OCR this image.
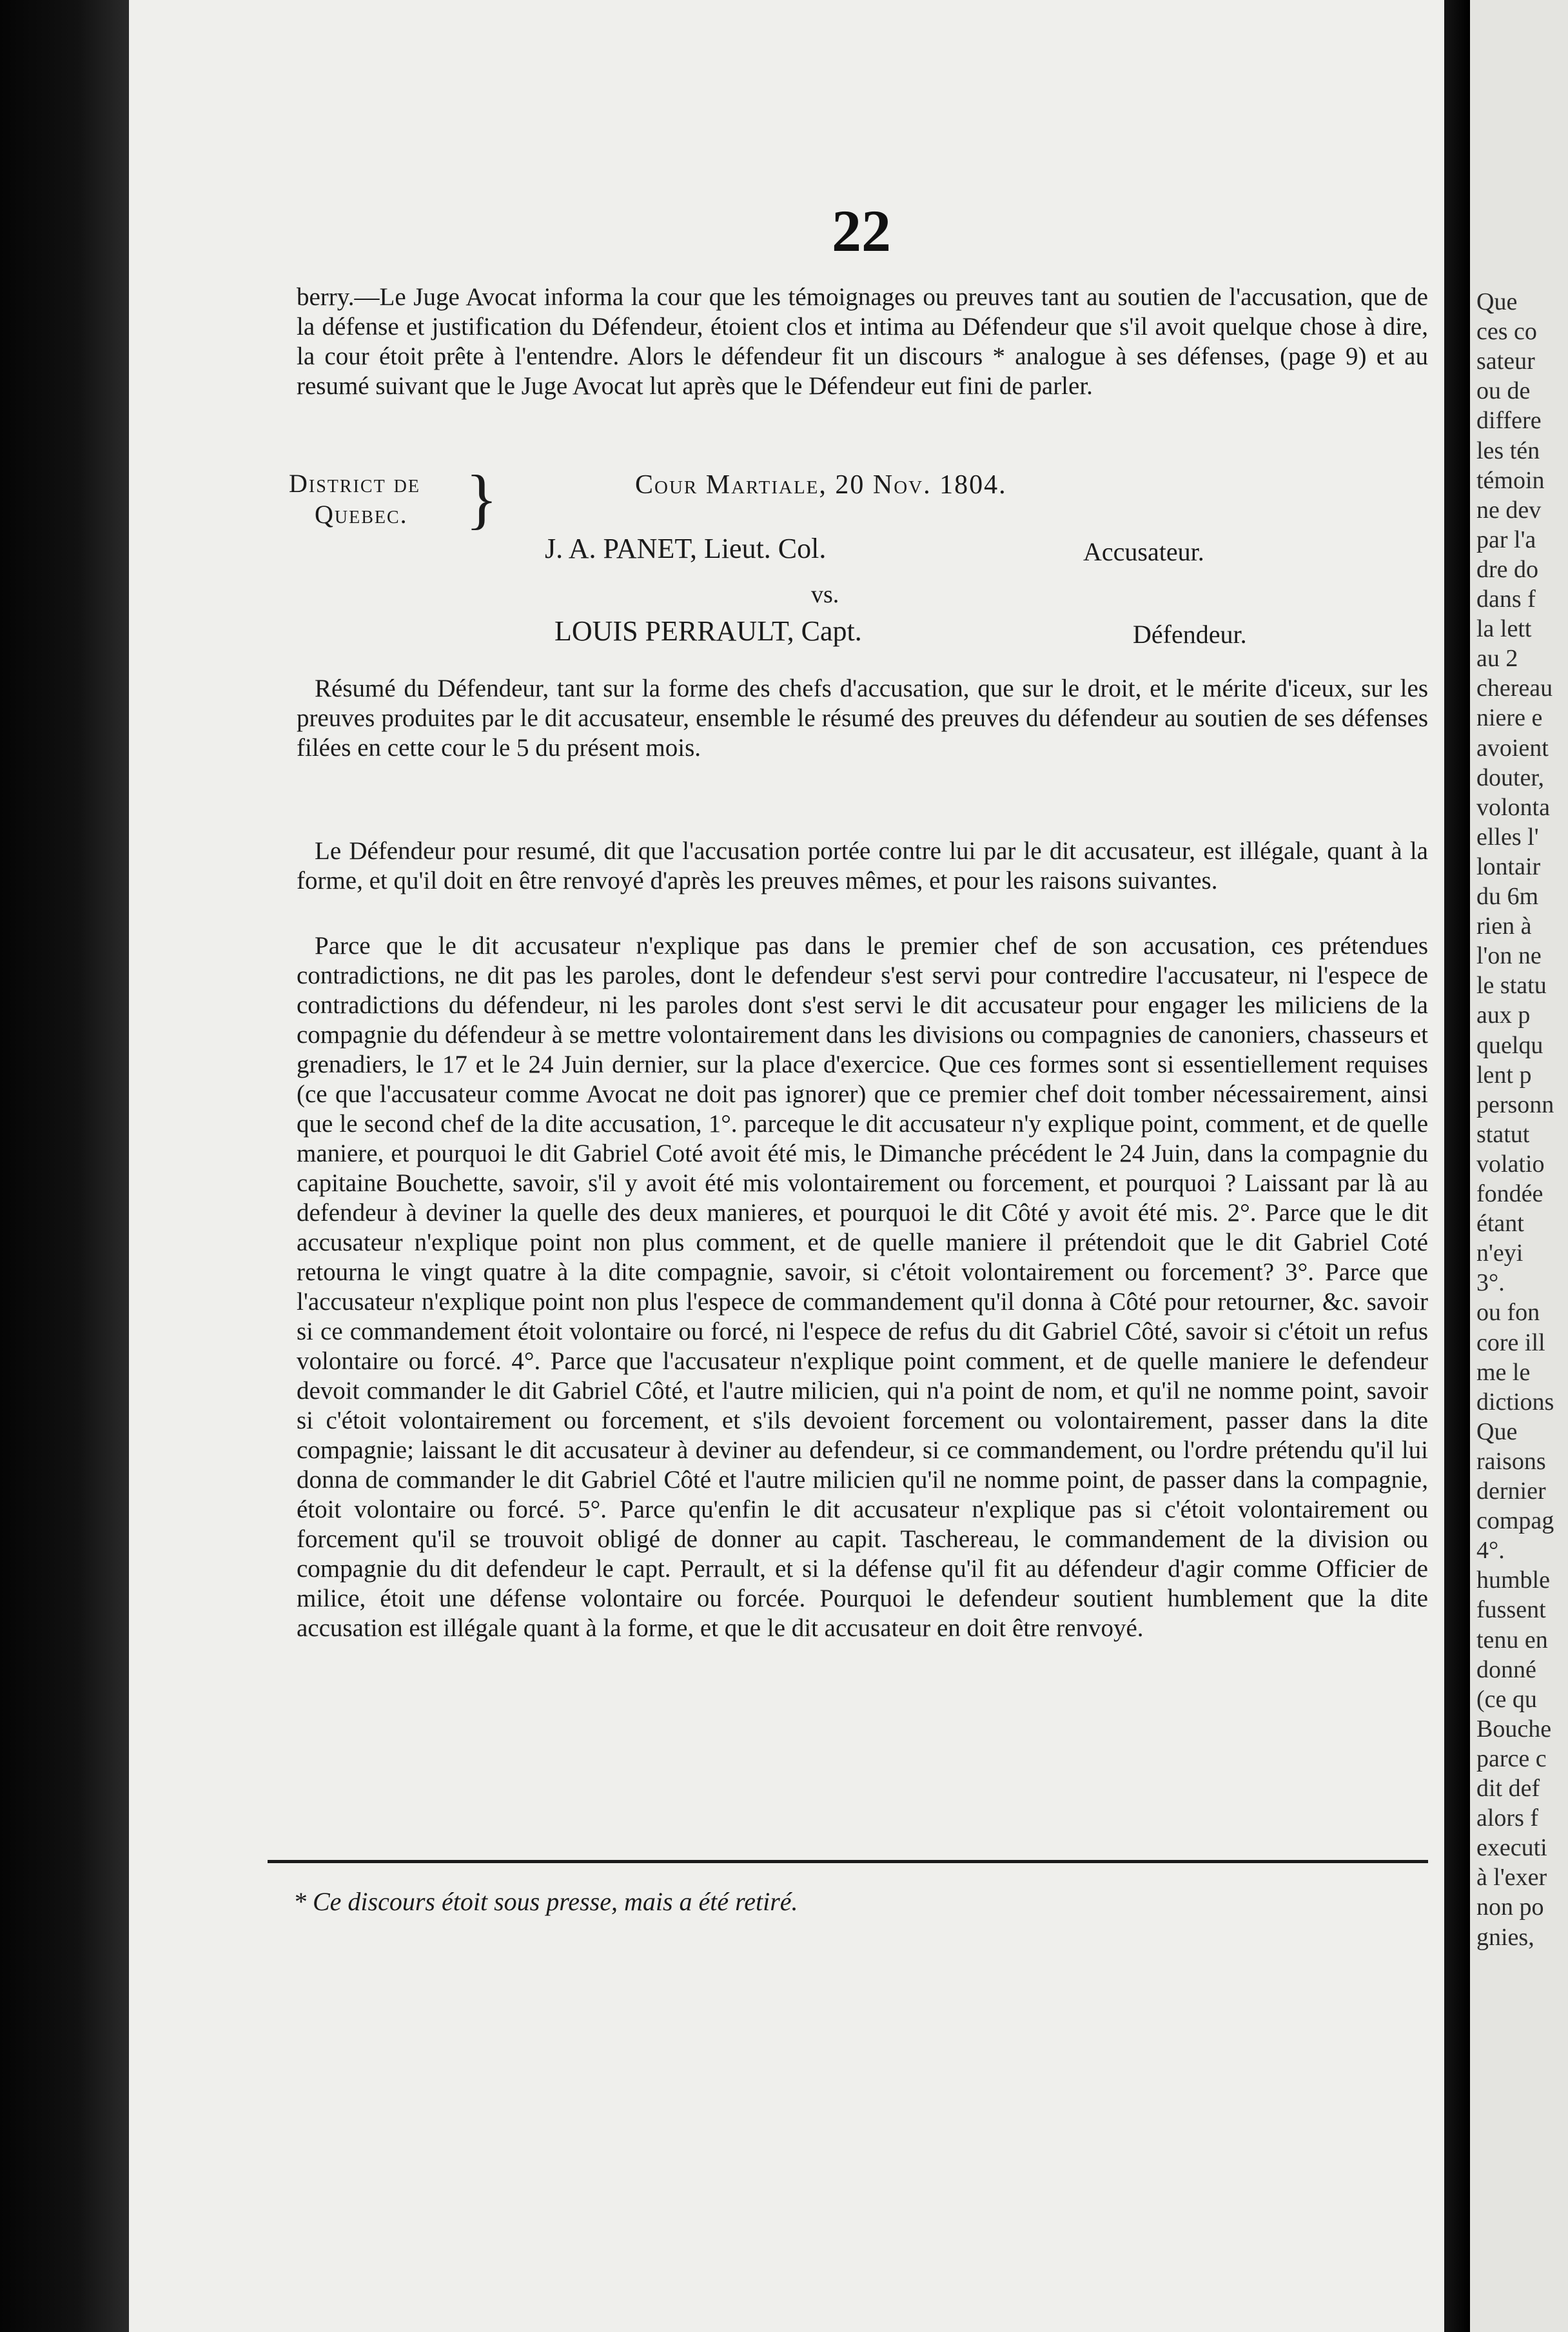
22
berry.—Le Juge Avocat informa la cour que les témoignages ou preuves tant au soutien de l'accusation, que de la défense et justification du Défendeur, étoient clos et intima au Défendeur que s'il avoit quelque chose à dire, la cour étoit prête à l'entendre. Alors le défendeur fit un discours * analogue à ses défenses, (page 9) et au resumé suivant que le Juge Avocat lut après que le Défendeur eut fini de parler.
District de
Quebec. }	Cour Martiale, 20 Nov. 1804.
J. A. PANET, Lieut. Col.	Accusateur.
vs.
LOUIS PERRAULT, Capt.	Défendeur.
Résumé du Défendeur, tant sur la forme des chefs d'accusation, que sur le droit, et le mérite d'iceux, sur les preuves produites par le dit accusateur, ensemble le résumé des preuves du défendeur au soutien de ses défenses filées en cette cour le 5 du présent mois.
Le Défendeur pour resumé, dit que l'accusation portée contre lui par le dit accusateur, est illégale, quant à la forme, et qu'il doit en être renvoyé d'après les preuves mêmes, et pour les raisons suivantes.
Parce que le dit accusateur n'explique pas dans le premier chef de son accusation, ces prétendues contradictions, ne dit pas les paroles, dont le defendeur s'est servi pour contredire l'accusateur, ni l'espece de contradictions du défendeur, ni les paroles dont s'est servi le dit accusateur pour engager les miliciens de la compagnie du défendeur à se mettre volontairement dans les divisions ou compagnies de canoniers, chasseurs et grenadiers, le 17 et le 24 Juin dernier, sur la place d'exercice. Que ces formes sont si essentiellement requises (ce que l'accusateur comme Avocat ne doit pas ignorer) que ce premier chef doit tomber nécessairement, ainsi que le second chef de la dite accusation, 1°. parceque le dit accusateur n'y explique point, comment, et de quelle maniere, et pourquoi le dit Gabriel Coté avoit été mis, le Dimanche précédent le 24 Juin, dans la compagnie du capitaine Bouchette, savoir, s'il y avoit été mis volontairement ou forcement, et pourquoi ? Laissant par là au defendeur à deviner la quelle des deux manieres, et pourquoi le dit Côté y avoit été mis. 2°. Parce que le dit accusateur n'explique point non plus comment, et de quelle maniere il prétendoit que le dit Gabriel Coté retourna le vingt quatre à la dite compagnie, savoir, si c'étoit volontairement ou forcement? 3°. Parce que l'accusateur n'explique point non plus l'espece de commandement qu'il donna à Côté pour retourner, &c. savoir si ce commandement étoit volontaire ou forcé, ni l'espece de refus du dit Gabriel Côté, savoir si c'étoit un refus volontaire ou forcé. 4°. Parce que l'accusateur n'explique point comment, et de quelle maniere le defendeur devoit commander le dit Gabriel Côté, et l'autre milicien, qui n'a point de nom, et qu'il ne nomme point, savoir si c'étoit volontairement ou forcement, et s'ils devoient forcement ou volontairement, passer dans la dite compagnie; laissant le dit accusateur à deviner au defendeur, si ce commandement, ou l'ordre prétendu qu'il lui donna de commander le dit Gabriel Côté et l'autre milicien qu'il ne nomme point, de passer dans la compagnie, étoit volontaire ou forcé. 5°. Parce qu'enfin le dit accusateur n'explique pas si c'étoit volontairement ou forcement qu'il se trouvoit obligé de donner au capit. Taschereau, le commandement de la division ou compagnie du dit defendeur le capt. Perrault, et si la défense qu'il fit au défendeur d'agir comme Officier de milice, étoit une défense volontaire ou forcée. Pourquoi le defendeur soutient humblement que la dite accusation est illégale quant à la forme, et que le dit accusateur en doit être renvoyé.
* Ce discours étoit sous presse, mais a été retiré.
Que
ces co
sateur
ou de
differe
les tén
témoin
ne dev
par l'a
dre do
dans f
la lett
au 2
chereau
niere e
avoient
douter,
volonta
elles l'
lontair
du 6m
rien à
l'on ne
le statu
aux p
quelqu
lent p
personn
statut
volatio
fondée
étant
n'eyi
3°.
ou fon
core ill
me le
dictions
Que
raisons
dernier
compag
4°.
humble
fussent
tenu en
donné
(ce qu
Bouche
parce c
dit def
alors f
executi
à l'exer
non po
gnies,
